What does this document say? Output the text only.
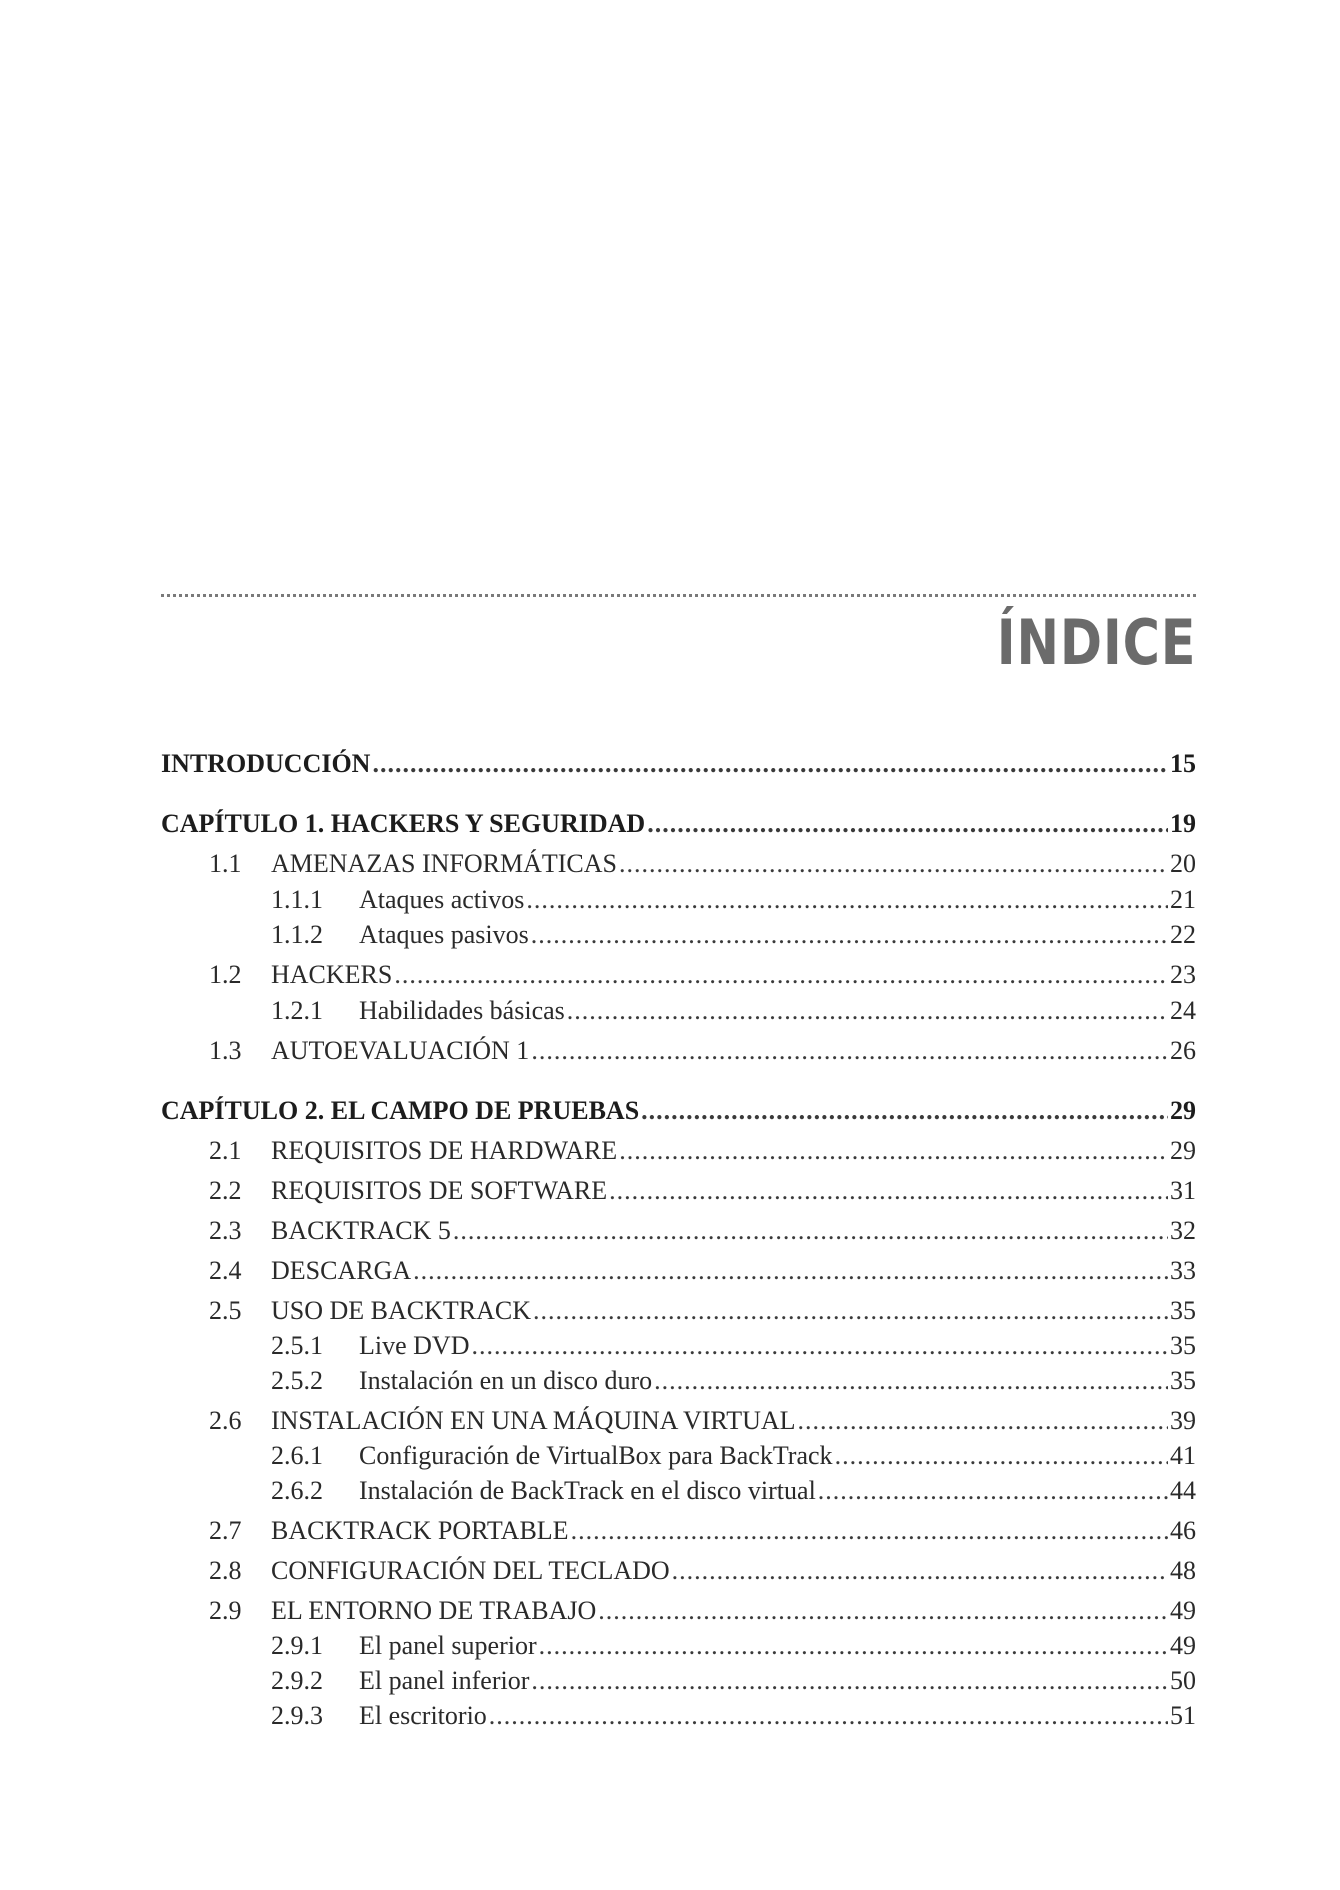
ÍNDICE
INTRODUCCIÓN .....	15
CAPÍTULO 1. HACKERS Y SEGURIDAD .....	19
1.1	AMENAZAS INFORMÁTICAS .....	20
1.1.1	Ataques activos .....	21
1.1.2	Ataques pasivos .....	22
1.2	HACKERS .....	23
1.2.1	Habilidades básicas .....	24
1.3	AUTOEVALUACIÓN 1 .....	26
CAPÍTULO 2. EL CAMPO DE PRUEBAS .....	29
2.1	REQUISITOS DE HARDWARE .....	29
2.2	REQUISITOS DE SOFTWARE .....	31
2.3	BACKTRACK 5 .....	32
2.4	DESCARGA .....	33
2.5	USO DE BACKTRACK .....	35
2.5.1	Live DVD .....	35
2.5.2	Instalación en un disco duro .....	35
2.6	INSTALACIÓN EN UNA MÁQUINA VIRTUAL .....	39
2.6.1	Configuración de VirtualBox para BackTrack .....	41
2.6.2	Instalación de BackTrack en el disco virtual .....	44
2.7	BACKTRACK PORTABLE .....	46
2.8	CONFIGURACIÓN DEL TECLADO .....	48
2.9	EL ENTORNO DE TRABAJO .....	49
2.9.1	El panel superior .....	49
2.9.2	El panel inferior .....	50
2.9.3	El escritorio .....	51
